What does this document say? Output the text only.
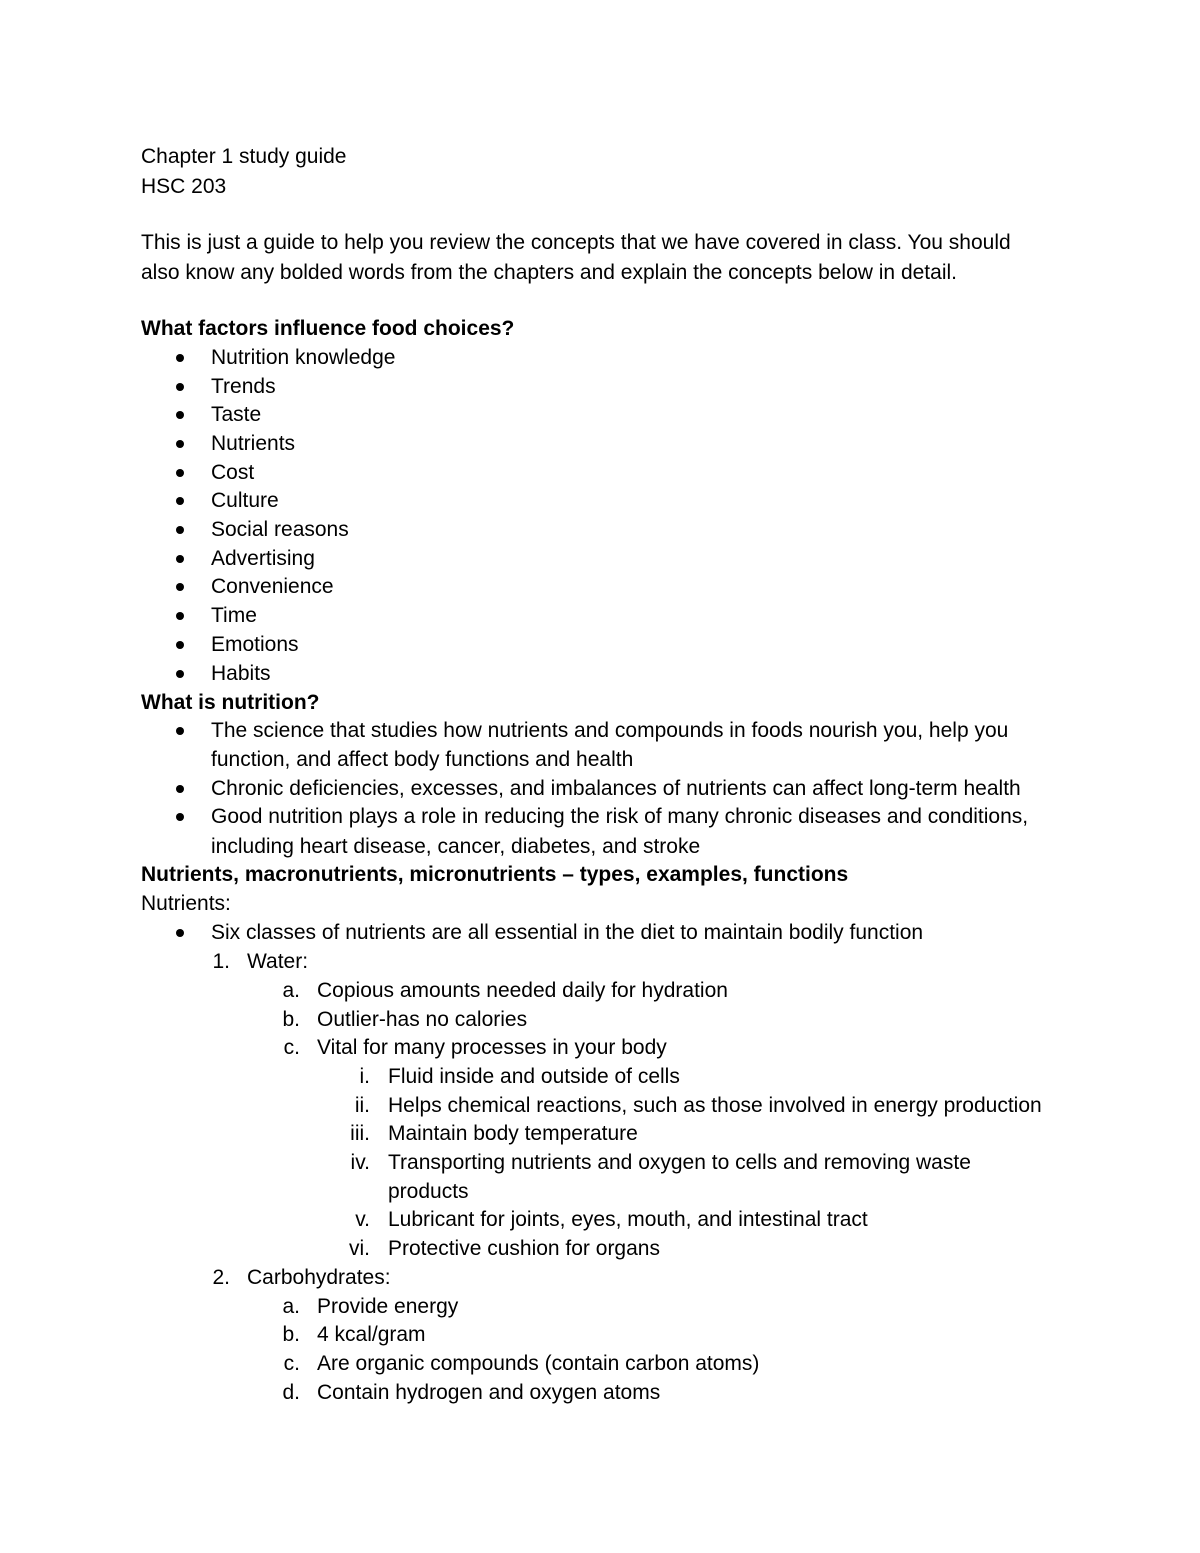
Chapter 1 study guide
HSC 203
This is just a guide to help you review the concepts that we have covered in class. You should
also know any bolded words from the chapters and explain the concepts below in detail.
What factors influence food choices?
Nutrition knowledge
Trends
Taste
Nutrients
Cost
Culture
Social reasons
Advertising
Convenience
Time
Emotions
Habits
What is nutrition?
The science that studies how nutrients and compounds in foods nourish you, help you
function, and affect body functions and health
Chronic deficiencies, excesses, and imbalances of nutrients can affect long-term health
Good nutrition plays a role in reducing the risk of many chronic diseases and conditions,
including heart disease, cancer, diabetes, and stroke
Nutrients, macronutrients, micronutrients – types, examples, functions
Nutrients:
Six classes of nutrients are all essential in the diet to maintain bodily function
1. Water:
a. Copious amounts needed daily for hydration
b. Outlier-has no calories
c. Vital for many processes in your body
i. Fluid inside and outside of cells
ii. Helps chemical reactions, such as those involved in energy production
iii. Maintain body temperature
iv. Transporting nutrients and oxygen to cells and removing waste
products
v. Lubricant for joints, eyes, mouth, and intestinal tract
vi. Protective cushion for organs
2. Carbohydrates:
a. Provide energy
b. 4 kcal/gram
c. Are organic compounds (contain carbon atoms)
d. Contain hydrogen and oxygen atoms
